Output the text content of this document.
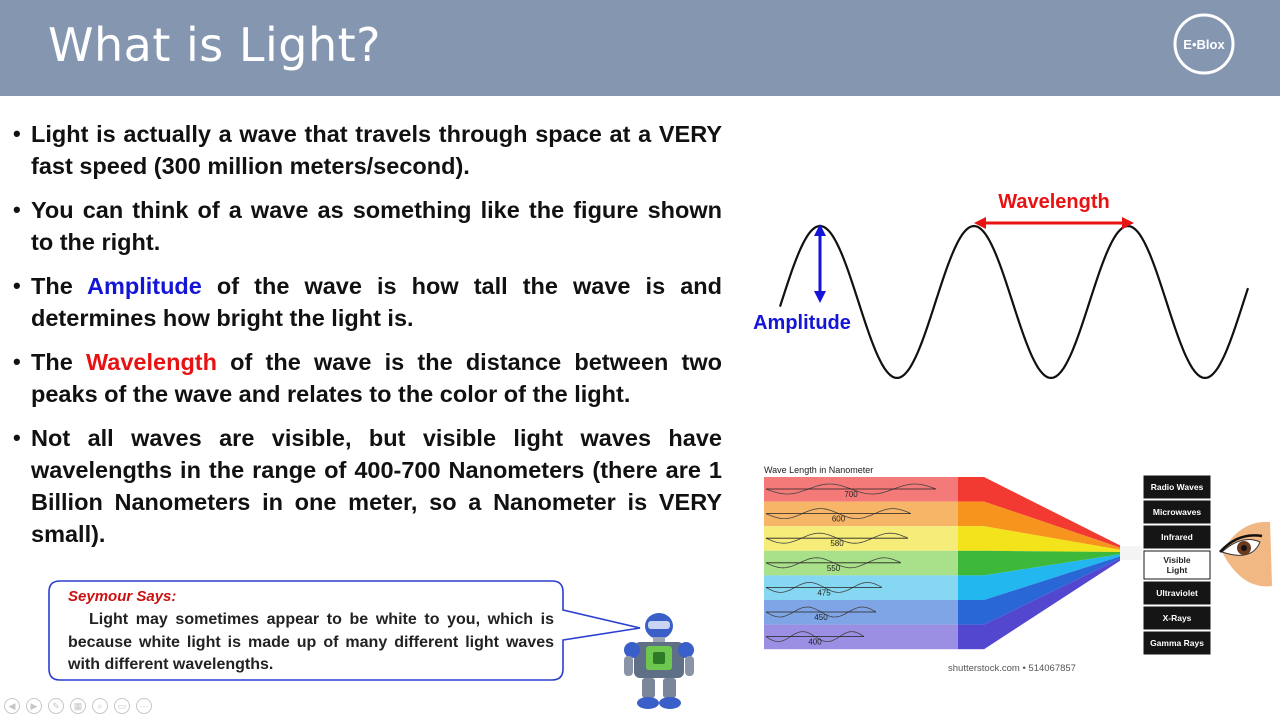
What is Light?	E•Blox
• Light is actually a wave that travels through space at a VERY fast speed (300 million meters/second).
• You can think of a wave as something like the figure shown to the right.
• The Amplitude of the wave is how tall the wave is and determines how bright the light is.
• The Wavelength of the wave is the distance between two peaks of the wave and relates to the color of the light.
• Not all waves are visible, but visible light waves have wavelengths in the range of 400-700 Nanometers (there are 1 Billion Nanometers in one meter, so a Nanometer is VERY small).
Seymour Says:
Light may sometimes appear to be white to you, which is because white light is made up of many different light waves with different wavelengths.
Amplitude
Wavelength
Wave Length in Nanometer
700
600
580
550
475
450
400
Radio Waves
Microwaves
Infrared
Visible Light
Ultraviolet
X-Rays
Gamma Rays
shutterstock.com • 514067857
◀	▶	✎	▦	⌕	▭	⋯
